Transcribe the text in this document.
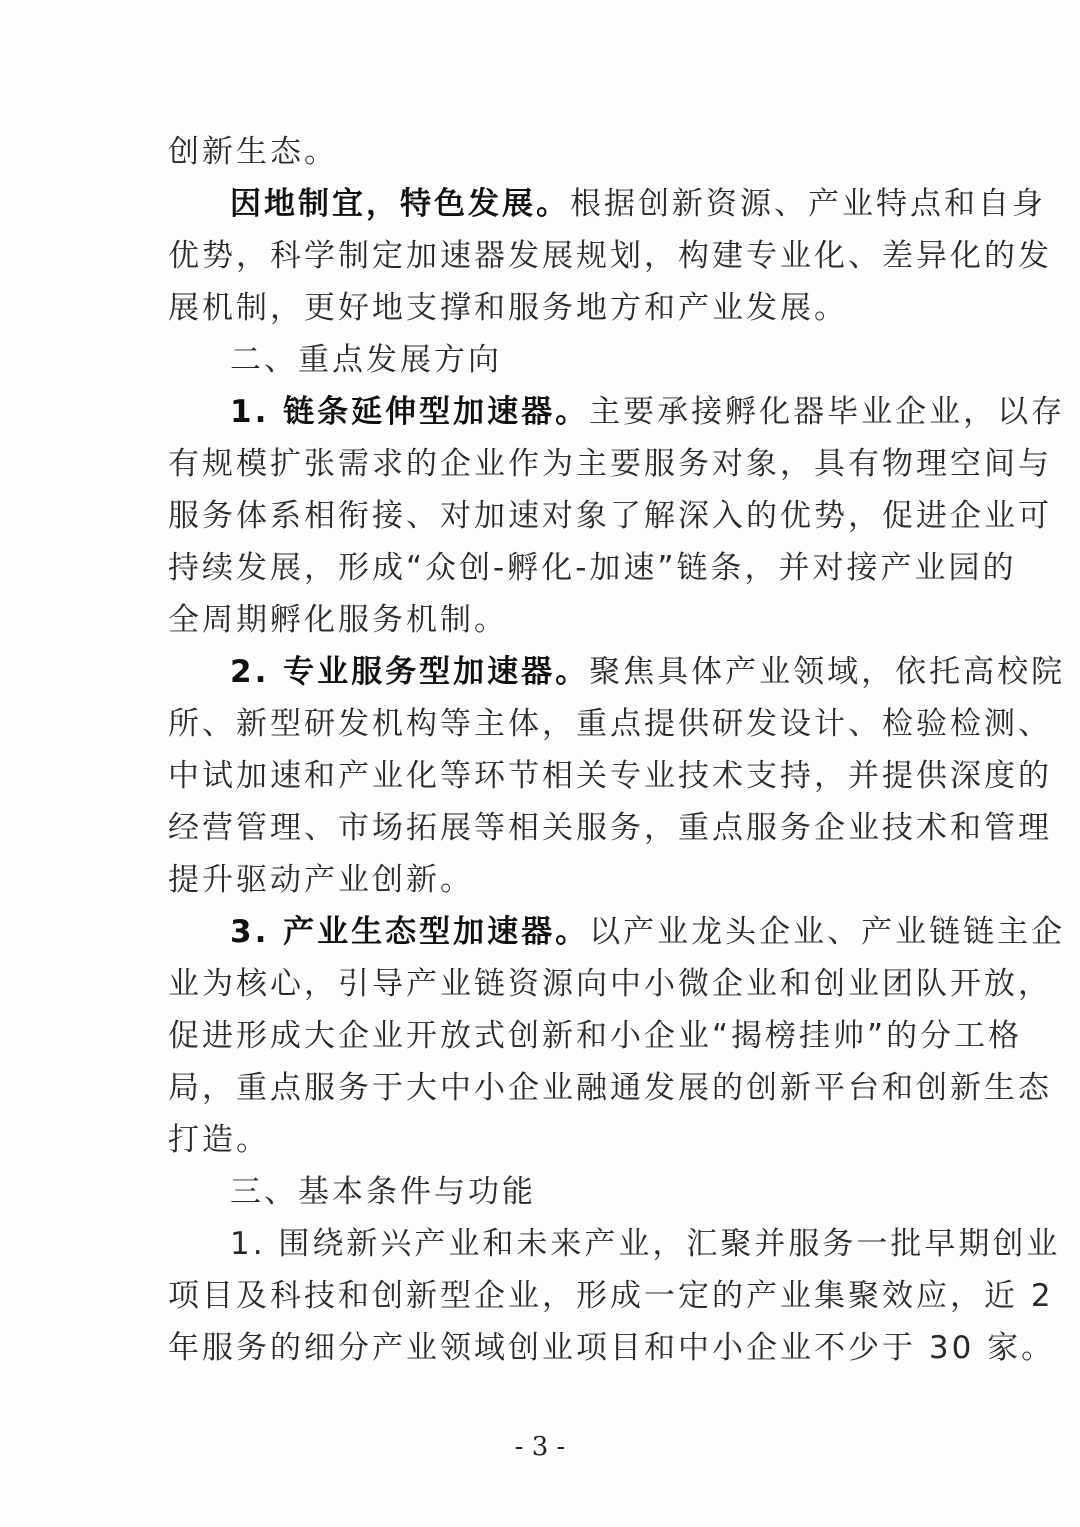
创新生态。
因地制宜，特色发展。根据创新资源、产业特点和自身
优势，科学制定加速器发展规划，构建专业化、差异化的发
展机制，更好地支撑和服务地方和产业发展。
二、重点发展方向
1. 链条延伸型加速器。主要承接孵化器毕业企业，以存
有规模扩张需求的企业作为主要服务对象，具有物理空间与
服务体系相衔接、对加速对象了解深入的优势，促进企业可
持续发展，形成“众创-孵化-加速”链条，并对接产业园的
全周期孵化服务机制。
2. 专业服务型加速器。聚焦具体产业领域，依托高校院
所、新型研发机构等主体，重点提供研发设计、检验检测、
中试加速和产业化等环节相关专业技术支持，并提供深度的
经营管理、市场拓展等相关服务，重点服务企业技术和管理
提升驱动产业创新。
3. 产业生态型加速器。以产业龙头企业、产业链链主企
业为核心，引导产业链资源向中小微企业和创业团队开放，
促进形成大企业开放式创新和小企业“揭榜挂帅”的分工格
局，重点服务于大中小企业融通发展的创新平台和创新生态
打造。
三、基本条件与功能
1. 围绕新兴产业和未来产业，汇聚并服务一批早期创业
项目及科技和创新型企业，形成一定的产业集聚效应，近 2
年服务的细分产业领域创业项目和中小企业不少于 30 家。
- 3 -
